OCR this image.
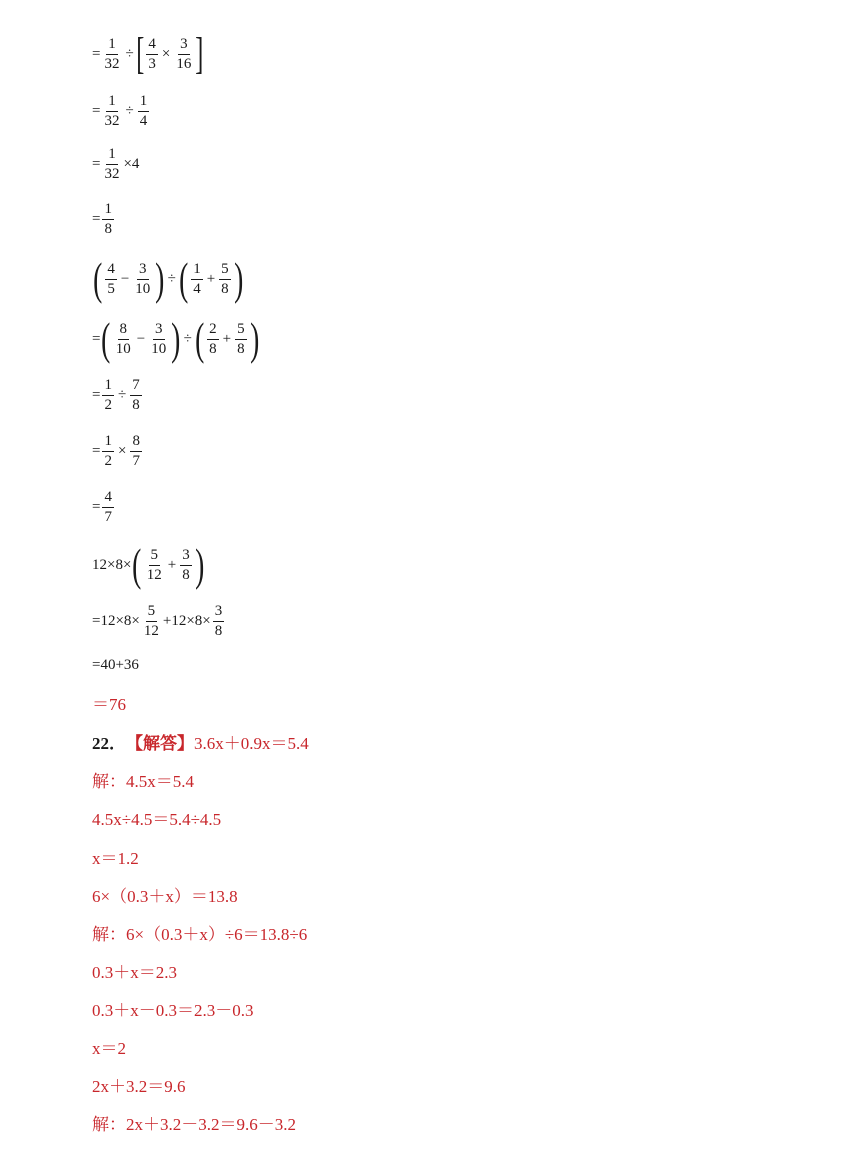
= $\frac{1}{32}$ ÷ [ $\frac{4}{3} \times \frac{3}{16}$ ]
= $\frac{1}{32} \div \frac{1}{4}$
= $\frac{1}{32} \times 4$
= $\frac{1}{8}$
( $\frac{4}{5} - \frac{3}{10}$ ) ÷ ( $\frac{1}{4} + \frac{5}{8}$ )
= ( $\frac{8}{10} - \frac{3}{10}$ ) ÷ ( $\frac{2}{8} + \frac{5}{8}$ )
= $\frac{1}{2} \div \frac{7}{8}$
= $\frac{1}{2} \times \frac{8}{7}$
= $\frac{4}{7}$
12×8× ( $\frac{5}{12} + \frac{3}{8}$ )
$=12\times 8\times \frac{5}{12} +12\times 8\times \frac{3}{8}$
=40+36
＝76
22． 【解答】 3.6x＋0.9x＝5.4
解：4.5x＝5.4
4.5x÷4.5＝5.4÷4.5
x＝1.2
6×（0.3＋x）＝13.8
解：6×（0.3＋x）÷6＝13.8÷6
0.3＋x＝2.3
0.3＋x－0.3＝2.3－0.3
x＝2
2x＋3.2＝9.6
解：2x＋3.2－3.2＝9.6－3.2
